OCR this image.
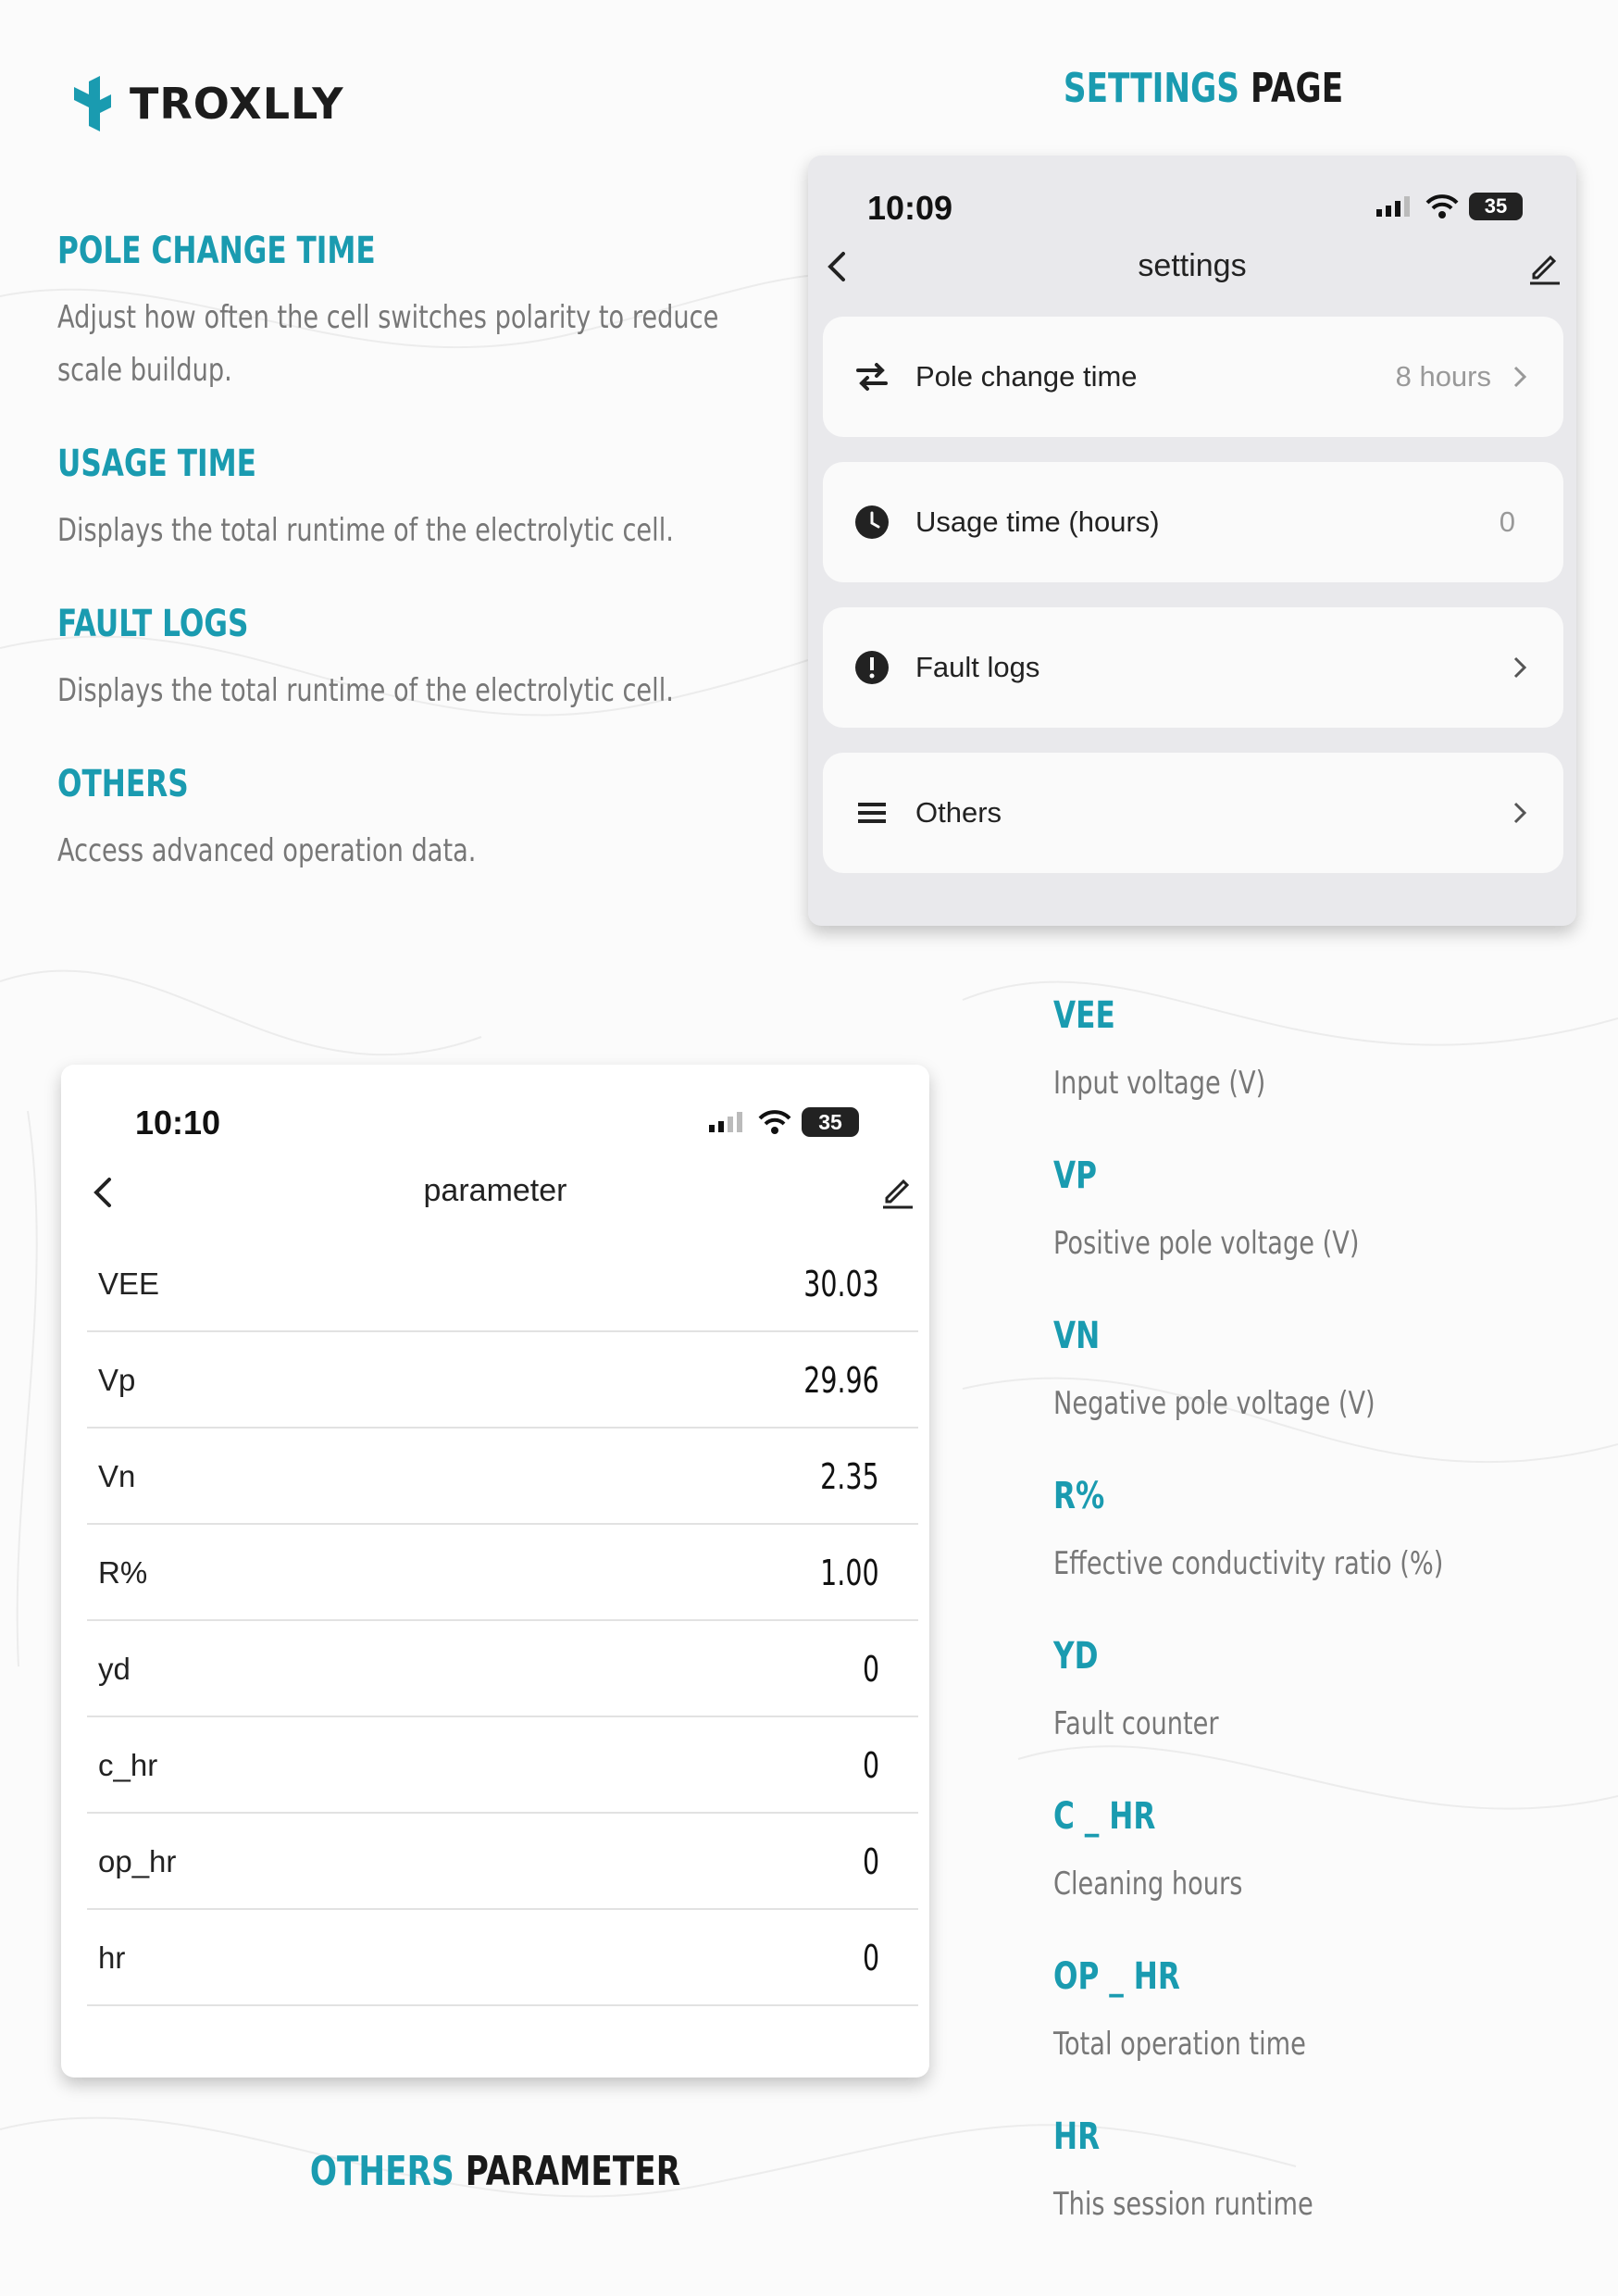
TROXLLY
POLE CHANGE TIME
Adjust how often the cell switches polarity to reduce
scale buildup.
USAGE TIME
Displays the total runtime of the electrolytic cell.
FAULT LOGS
Displays the total runtime of the electrolytic cell.
OTHERS
Access advanced operation data.
SETTINGS PAGE
10:09	35
settings
Pole change time	8 hours
Usage time (hours)	0
Fault logs
Others
10:10	35
parameter
VEE	30.03
Vp	29.96
Vn	2.35
R%	1.00
yd	0
c_hr	0
op_hr	0
hr	0
OTHERS PARAMETER
VEE
Input voltage (V)
VP
Positive pole voltage (V)
VN
Negative pole voltage (V)
R%
Effective conductivity ratio (%)
YD
Fault counter
C _ HR
Cleaning hours
OP _ HR
Total operation time
HR
This session runtime
